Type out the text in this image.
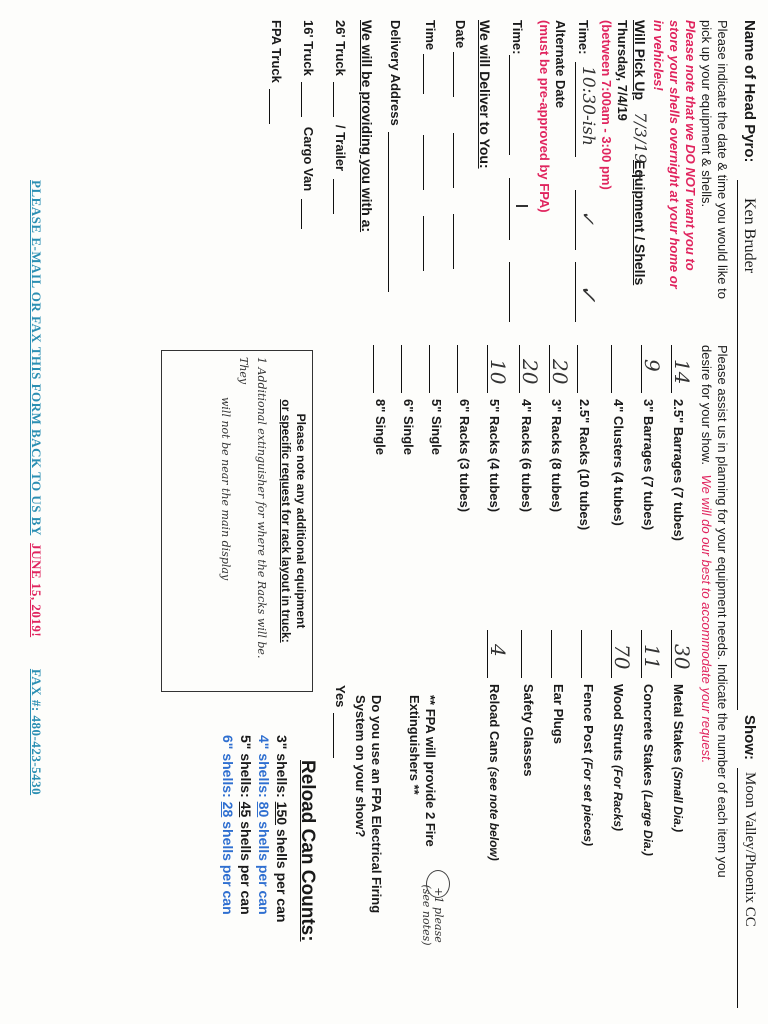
Name of Head Pyro:
Ken Bruder
Show:
Moon Valley/Phoenix CC
Please indicate the date & time you would like to pick up your equipment & shells.
Please note that we DO NOT want you to
store your shells overnight at your home or
in vehicles!
Will Pick Up
Equipment / Shells
7/3/19 +
Thursday, 7/4/19
(between 7:00am - 3:00 pm)
Time:
10:30-ish
✓
✓
Alternate Date
(must be pre-approved by FPA)
Time:
We will Deliver to You:
Date
Time
Delivery Address
We will be providing you with a:
26' Truck
/ Trailer
16' Truck
Cargo Van
FPA Truck
Please assist us in planning for your equipment needs. Indicate the number of each item you
desire for your show. We will do our best to accommodate your request.
14
2.5" Barrages (7 tubes)
9
3" Barrages (7 tubes)
4" Clusters (4 tubes)
2.5" Racks (10 tubes)
20
3" Racks (8 tubes)
20
4" Racks (6 tubes)
10
5" Racks (4 tubes)
6" Racks (3 tubes)
5" Single
6" Single
8" Single
Please note any additional equipment
or specific request for rack layout in truck:
1 Additional extinguisher for where the Racks will be. They
will not be near the main display
30
Metal Stakes
(Small Dia.)
11
Concrete Stakes
(Large Dia.)
70
Wood Struts
(For Racks)
Fence Post
(For set pieces)
Ear Plugs
Safety Glasses
4
Reload Cans
(see note below)
** FPA will provide 2 Fire
Extinguishers **
+1 please (see notes)
Do you use an FPA Electrical Firing
System on your show?
Yes
Reload Can Counts:
3" shells:150shells per can
4" shells:80shells per can
5" shells:45shells per can
6" shells:28shells per can
PLEASE E-MAIL OR FAX THIS FORM BACK TO US BY JUNE 15, 2019! FAX #: 480-423-5430
